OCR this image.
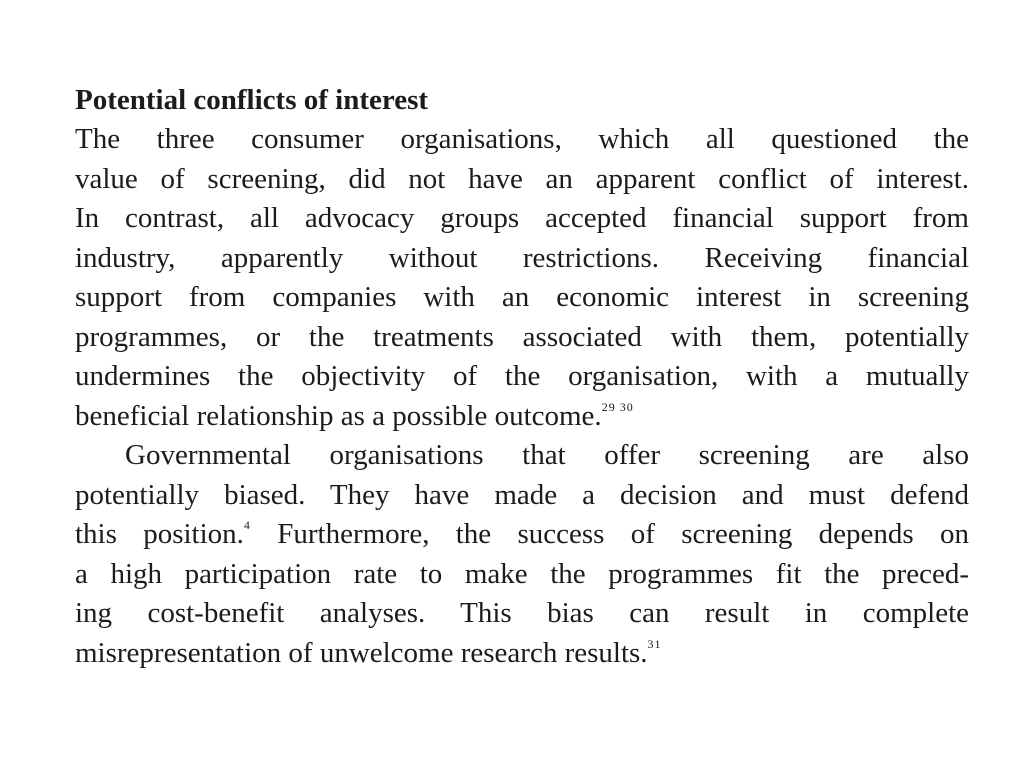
Potential conflicts of interest
The three consumer organisations, which all questioned the
value of screening, did not have an apparent conflict of interest.
In contrast, all advocacy groups accepted financial support from
industry, apparently without restrictions. Receiving financial
support from companies with an economic interest in screening
programmes, or the treatments associated with them, potentially
undermines the objectivity of the organisation, with a mutually
beneficial relationship as a possible outcome.$^{29 30}$
Governmental organisations that offer screening are also
potentially biased. They have made a decision and must defend
this position.$^4$ Furthermore, the success of screening depends on
a high participation rate to make the programmes fit the preced-
ing cost-benefit analyses. This bias can result in complete
misrepresentation of unwelcome research results.$^{31}$
